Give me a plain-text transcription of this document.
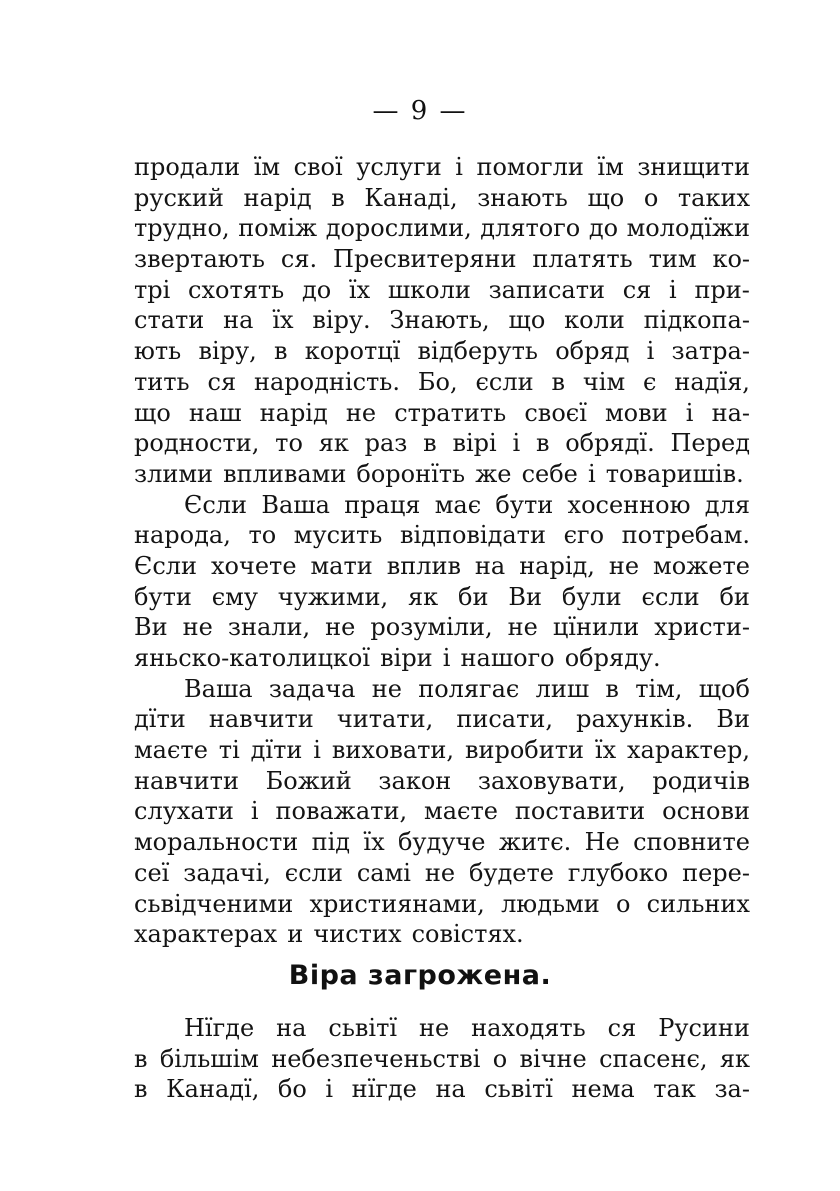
— 9 —
продали їм свої услуги і помогли їм знищити
руский нарід в Канаді, знають що о таких
трудно, поміж дорослими, длятого до молодїжи
звертають ся. Пресвитеряни платять тим ко-
трі схотять до їх школи записати ся і при-
стати на їх віру. Знають, що коли підкопа-
ють віру, в коротцї відберуть обряд і затра-
тить ся народність. Бо, єсли в чім є надїя,
що наш нарід не стратить своєї мови і на-
родности, то як раз в вірі і в обрядї. Перед
злими впливами боронїть же себе і товаришів.
Єсли Ваша праця має бути хосенною для
народа, то мусить відповідати єго потребам.
Єсли хочете мати вплив на нарід, не можете
бути єму чужими, як би Ви були єсли би
Ви не знали, не розуміли, не цїнили христи-
яньско-католицкої віри і нашого обряду.
Ваша задача не полягає лиш в тім, щоб
дїти навчити читати, писати, рахунків. Ви
маєте ті дїти і виховати, виробити їх характер,
навчити Божий закон заховувати, родичів
слухати і поважати, маєте поставити основи
моральности під їх будуче житє. Не сповните
сеї задачі, єсли самі не будете глубоко пере-
сьвідченими християнами, людьми о сильних
характерах и чистих совістях.
Віра загрожена.
Нїгде на сьвітї не находять ся Русини
в більшім небезпеченьстві о вічне спасенє, як
в Канадї, бо і нїгде на сьвітї нема так за-
